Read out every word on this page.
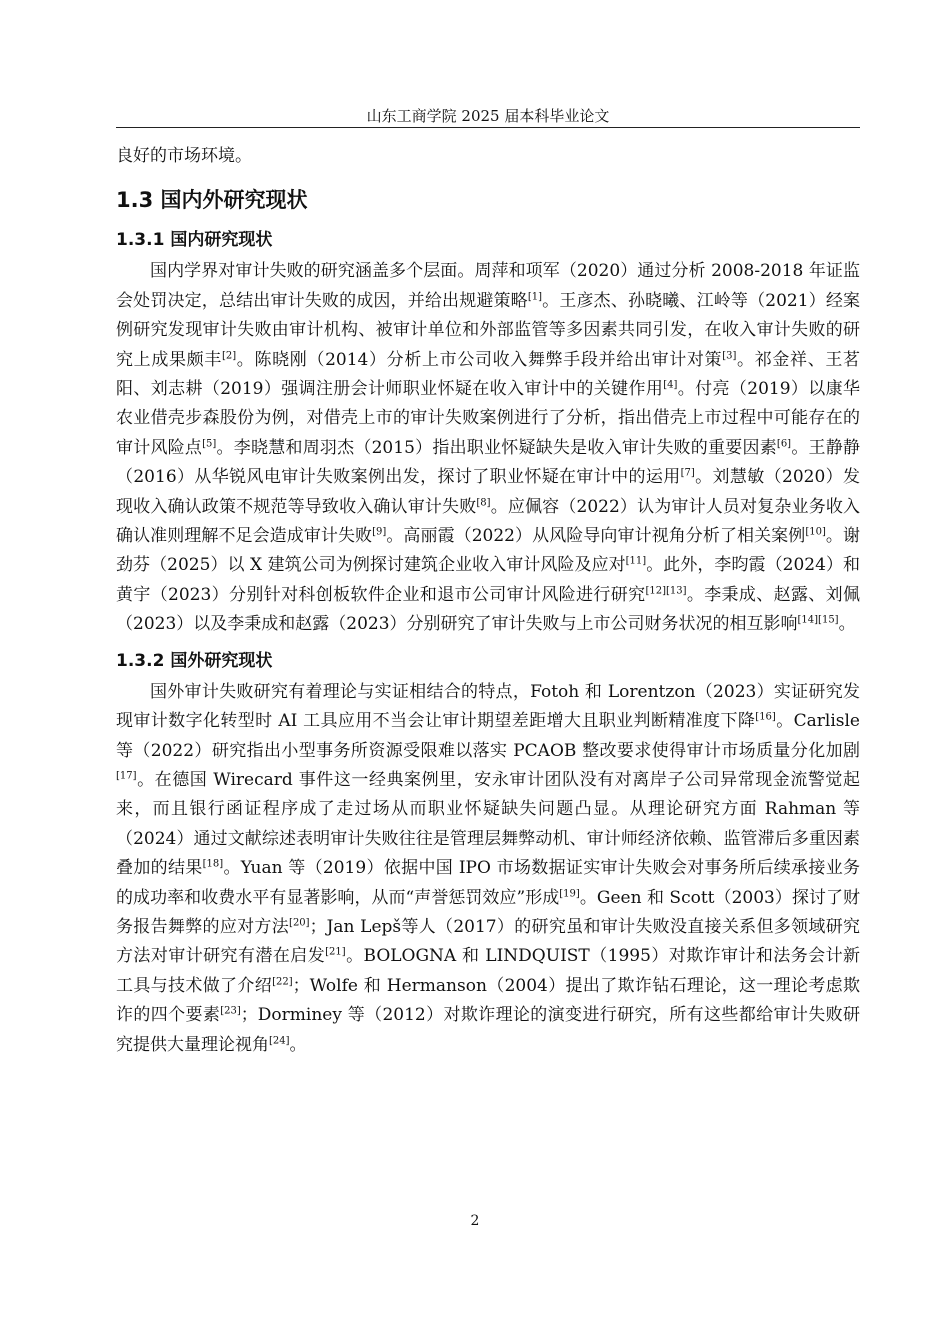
山东工商学院 2025 届本科毕业论文

良好的市场环境。

1.3 国内外研究现状
1.3.1 国内研究现状

国内学界对审计失败的研究涵盖多个层面。周萍和项军（2020）通过分析 2008-2018 年证监会处罚决定，总结出审计失败的成因，并给出规避策略[1]。王彦杰、孙晓曦、江岭等（2021）经案例研究发现审计失败由审计机构、被审计单位和外部监管等多因素共同引发，在收入审计失败的研究上成果颇丰[2]。陈晓刚（2014）分析上市公司收入舞弊手段并给出审计对策[3]。祁金祥、王茗阳、刘志耕（2019）强调注册会计师职业怀疑在收入审计中的关键作用[4]。付亮（2019）以康华农业借壳步森股份为例，对借壳上市的审计失败案例进行了分析，指出借壳上市过程中可能存在的审计风险点[5]。李晓慧和周羽杰（2015）指出职业怀疑缺失是收入审计失败的重要因素[6]。王静静（2016）从华锐风电审计失败案例出发，探讨了职业怀疑在审计中的运用[7]。刘慧敏（2020）发现收入确认政策不规范等导致收入确认审计失败[8]。应佩容（2022）认为审计人员对复杂业务收入确认准则理解不足会造成审计失败[9]。高丽霞（2022）从风险导向审计视角分析了相关案例[10]。谢劲芬（2025）以 X 建筑公司为例探讨建筑企业收入审计风险及应对[11]。此外，李昀霞（2024）和黄宇（2023）分别针对科创板软件企业和退市公司审计风险进行研究[12][13]。李秉成、赵露、刘佩（2023）以及李秉成和赵露（2023）分别研究了审计失败与上市公司财务状况的相互影响[14][15]。

1.3.2 国外研究现状

国外审计失败研究有着理论与实证相结合的特点，Fotoh 和 Lorentzon（2023）实证研究发现审计数字化转型时 AI 工具应用不当会让审计期望差距增大且职业判断精准度下降[16]。Carlisle 等（2022）研究指出小型事务所资源受限难以落实 PCAOB 整改要求使得审计市场质量分化加剧[17]。在德国 Wirecard 事件这一经典案例里，安永审计团队没有对离岸子公司异常现金流警觉起来，而且银行函证程序成了走过场从而职业怀疑缺失问题凸显。从理论研究方面 Rahman 等（2024）通过文献综述表明审计失败往往是管理层舞弊动机、审计师经济依赖、监管滞后多重因素叠加的结果[18]。Yuan 等（2019）依据中国 IPO 市场数据证实审计失败会对事务所后续承接业务的成功率和收费水平有显著影响，从而“声誉惩罚效应”形成[19]。Geen 和 Scott（2003）探讨了财务报告舞弊的应对方法[20]；Jan Lepš等人（2017）的研究虽和审计失败没直接关系但多领域研究方法对审计研究有潜在启发[21]。BOLOGNA 和 LINDQUIST（1995）对欺诈审计和法务会计新工具与技术做了介绍[22]；Wolfe 和 Hermanson（2004）提出了欺诈钻石理论，这一理论考虑欺诈的四个要素[23]；Dorminey 等（2012）对欺诈理论的演变进行研究，所有这些都给审计失败研究提供大量理论视角[24]。

2
